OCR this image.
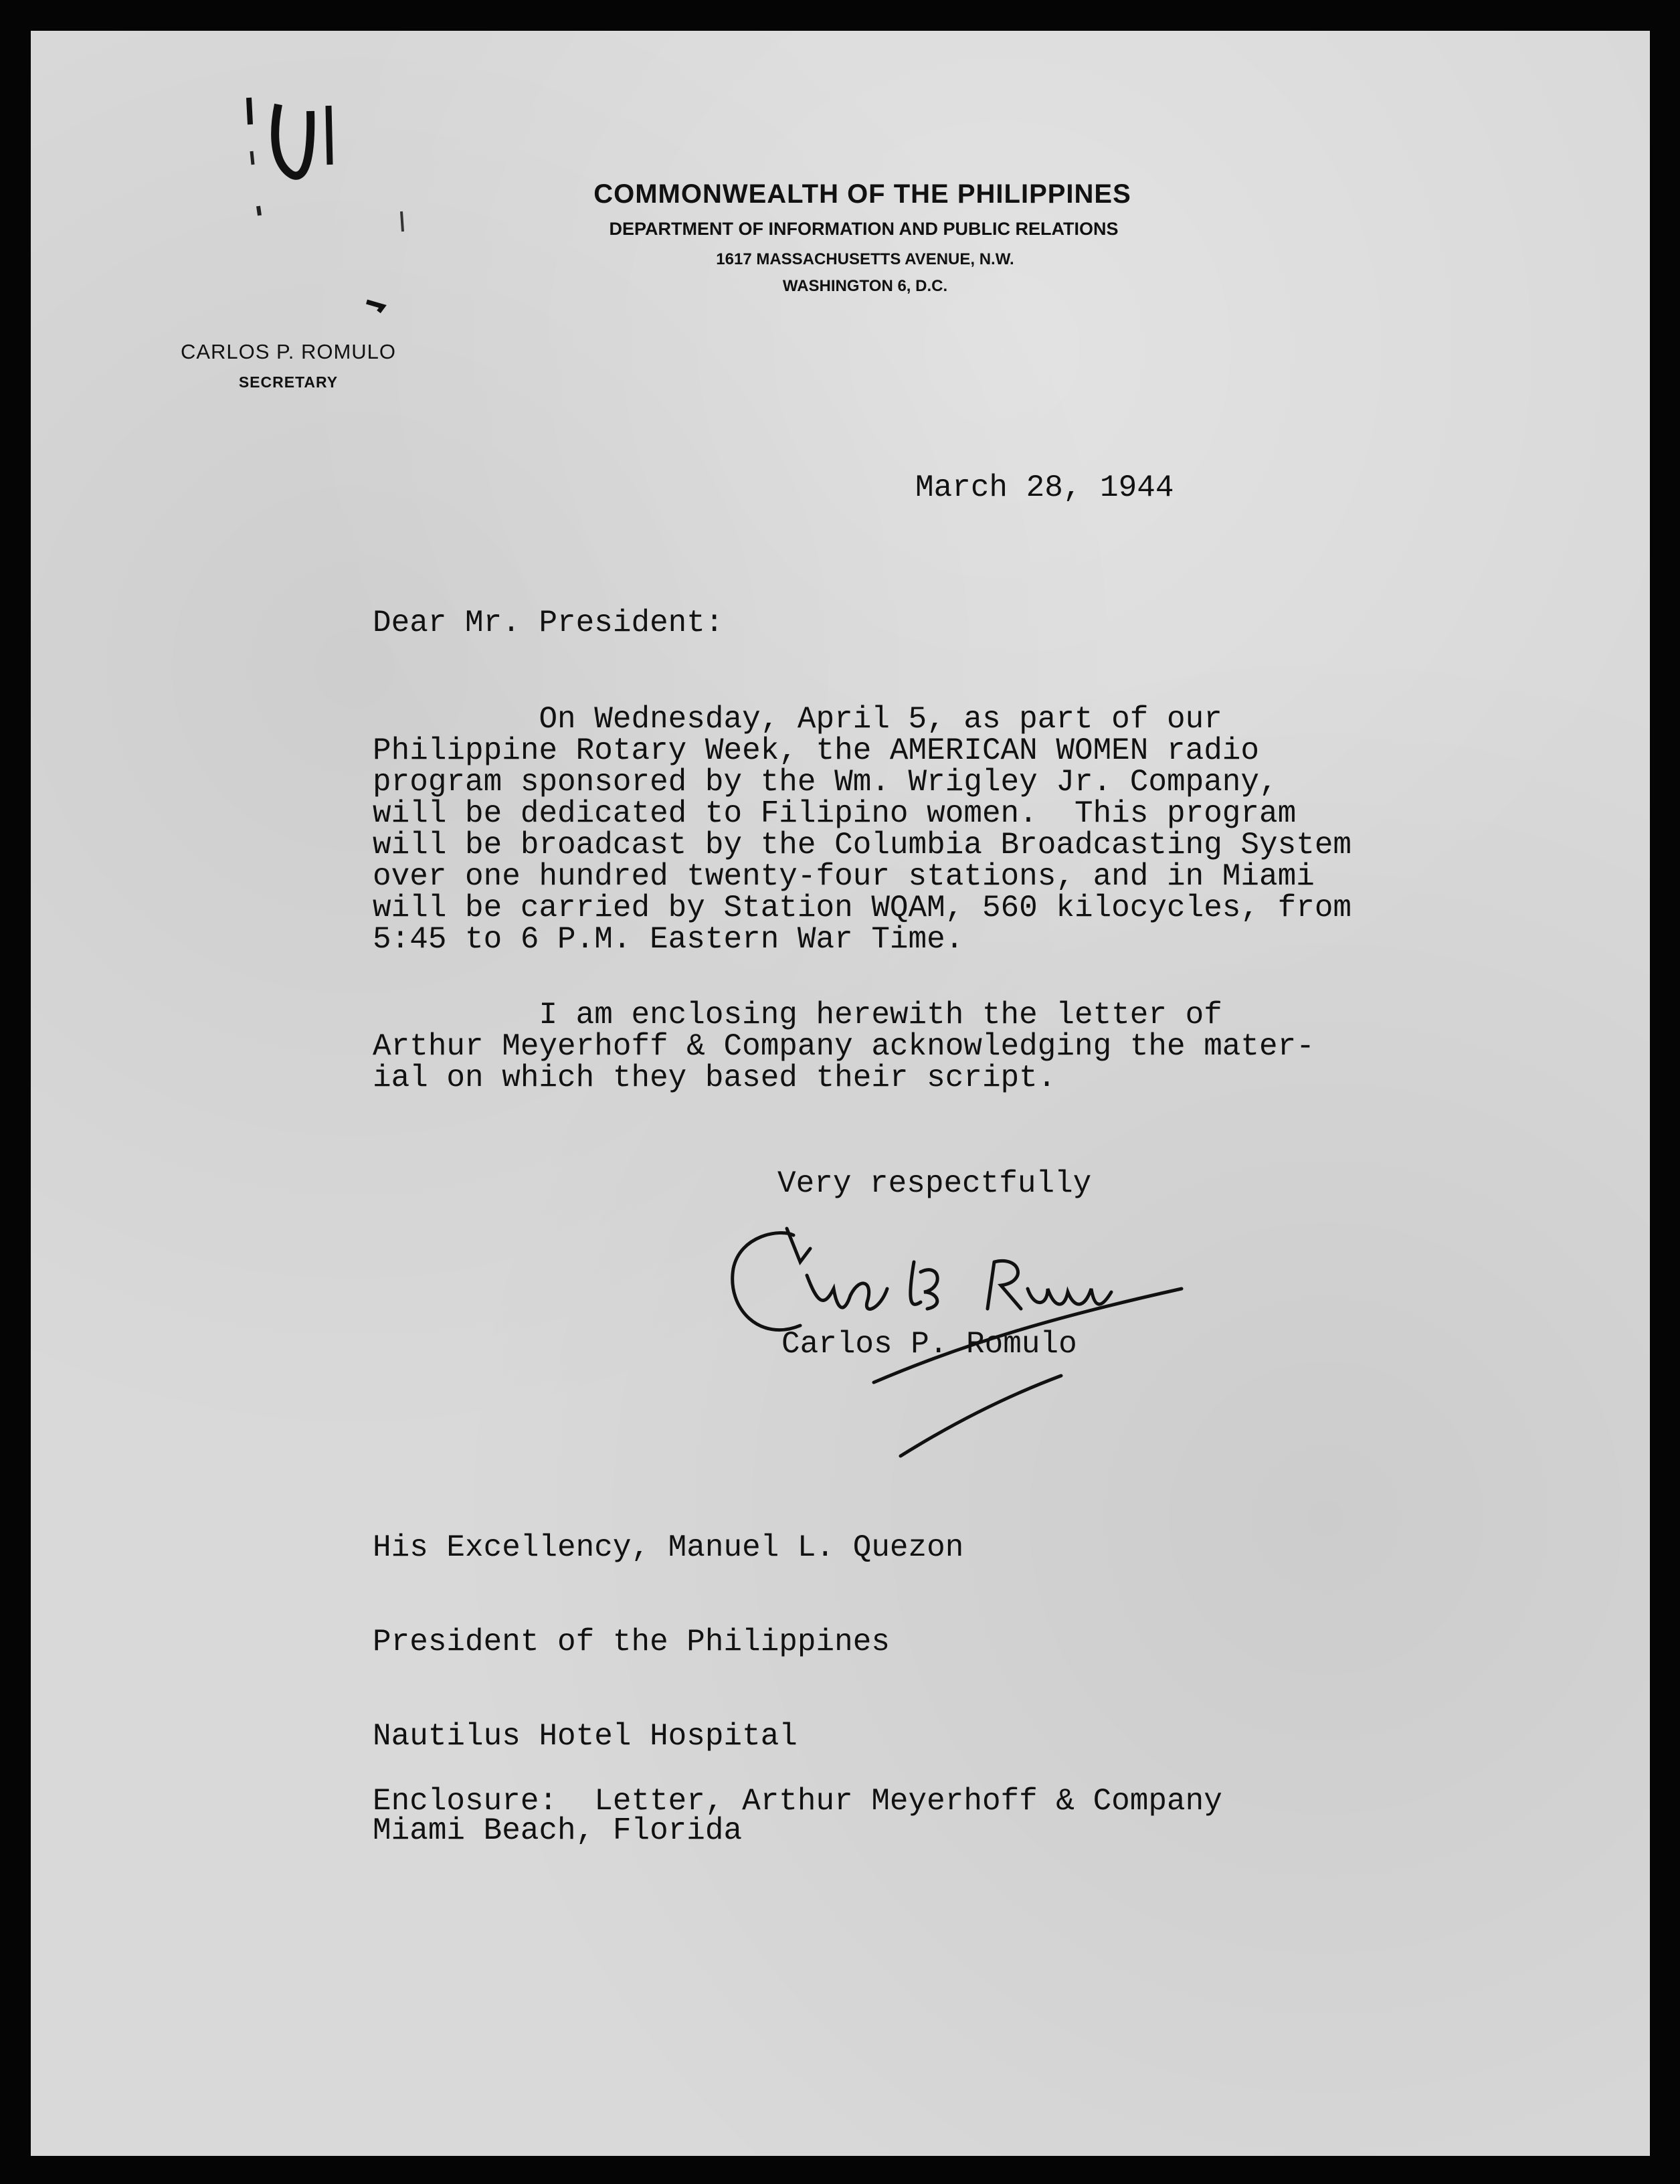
COMMONWEALTH OF THE PHILIPPINES
DEPARTMENT OF INFORMATION AND PUBLIC RELATIONS
1617 MASSACHUSETTS AVENUE, N.W.
WASHINGTON 6, D.C.
CARLOS P. ROMULO
SECRETARY
March 28, 1944
Dear Mr. President:
On Wednesday, April 5, as part of our
Philippine Rotary Week, the AMERICAN WOMEN radio
program sponsored by the Wm. Wrigley Jr. Company,
will be dedicated to Filipino women.  This program
will be broadcast by the Columbia Broadcasting System
over one hundred twenty-four stations, and in Miami
will be carried by Station WQAM, 560 kilocycles, from
5:45 to 6 P.M. Eastern War Time.
I am enclosing herewith the letter of
Arthur Meyerhoff & Company acknowledging the mater-
ial on which they based their script.
Very respectfully
Carlos P. Romulo

His Excellency, Manuel L. Quezon

President of the Philippines

Nautilus Hotel Hospital

Miami Beach, Florida

Enclosure:  Letter, Arthur Meyerhoff & Company
